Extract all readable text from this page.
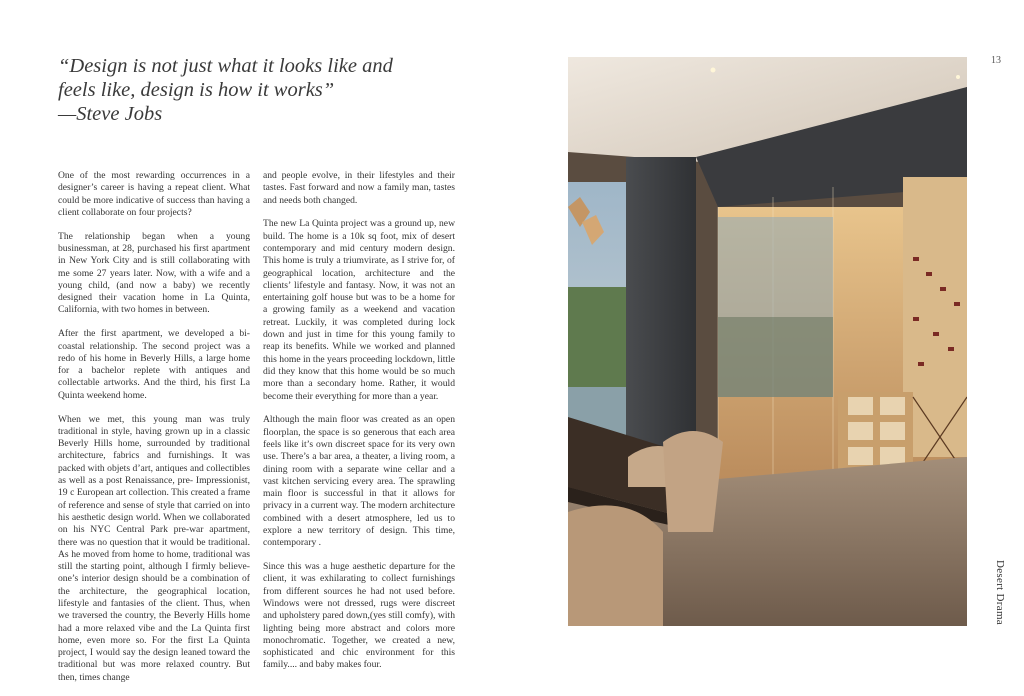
“Design is not just what it looks like and
feels like, design is how it works”
—Steve Jobs

One of the most rewarding occurrences in a designer’s career is having a repeat client. What could be more indicative of success than having a client collaborate on four projects?

The relationship began when a young businessman, at 28, purchased his first apartment in New York City and is still collaborating with me some 27 years later. Now, with a wife and a young child, (and now a baby) we recently designed their vacation home in La Quinta, California, with two homes in between.

After the first apartment, we developed a bi-coastal relationship. The second project was a redo of his home in Beverly Hills, a large home for a bachelor replete with antiques and collectable artworks. And the third, his first La Quinta weekend home.

When we met, this young man was truly traditional in style, having grown up in a classic Beverly Hills home, surrounded by traditional architecture, fabrics and furnishings. It was packed with objets d’art, antiques and collectibles as well as a post Renaissance, pre- Impressionist, 19 c European art collection. This created a frame of reference and sense of style that carried on into his aesthetic design world. When we collaborated on his NYC Central Park pre-war apartment, there was no question that it would be traditional. As he moved from home to home, traditional was still the starting point, although I firmly believe- one’s interior design should be a combination of the architecture, the geographical location, lifestyle and fantasies of the client. Thus, when we traversed the country, the Beverly Hills home had a more relaxed vibe and the La Quinta first home, even more so. For the first La Quinta project, I would say the design leaned toward the traditional but was more relaxed country. But then, times change

and people evolve, in their lifestyles and their tastes. Fast forward and now a family man, tastes and needs both changed.

The new La Quinta project was a ground up, new build. The home is a 10k sq foot, mix of desert contemporary and mid century modern design. This home is truly a triumvirate, as I strive for, of geographical location, architecture and the clients’ lifestyle and fantasy. Now, it was not an entertaining golf house but was to be a home for a growing family as a weekend and vacation retreat. Luckily, it was completed during lock down and just in time for this young family to reap its benefits. While we worked and planned this home in the years proceeding lockdown, little did they know that this home would be so much more than a secondary home. Rather, it would become their everything for more than a year.

Although the main floor was created as an open floorplan, the space is so generous that each area feels like it’s own discreet space for its very own use. There’s a bar area, a theater, a living room, a dining room with a separate wine cellar and a vast kitchen servicing every area. The sprawling main floor is successful in that it allows for privacy in a current way. The modern architecture combined with a desert atmosphere, led us to explore a new territory of design. This time, contemporary .

Since this was a huge aesthetic departure for the client, it was exhilarating to collect furnishings from different sources he had not used before. Windows were not dressed, rugs were discreet and upholstery pared down,(yes still comfy), with lighting being more abstract and colors more monochromatic. Together, we created a new, sophisticated and chic environment for this family.... and baby makes four.

13
Desert Drama
